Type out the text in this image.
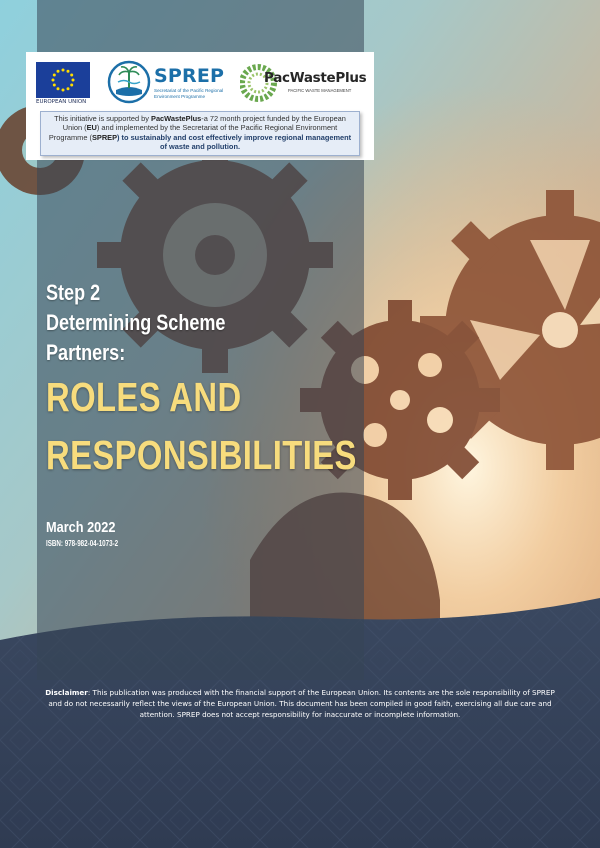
EUROPEAN UNION
SPREP
Secretariat of the Pacific Regional Environment Programme
PacWastePlus
PACIFIC WASTE MANAGEMENT
This initiative is supported by PacWastePlus-a 72 month project funded by the European Union (EU) and implemented by the Secretariat of the Pacific Regional Environment Programme (SPREP) to sustainably and cost effectively improve regional management of waste and pollution.
Step 2
Determining Scheme
Partners:
ROLES AND
RESPONSIBILITIES
March 2022
ISBN: 978-982-04-1073-2
Disclaimer: This publication was produced with the financial support of the European Union. Its contents are the sole responsibility of SPREP and do not necessarily reflect the views of the European Union. This document has been compiled in good faith, exercising all due care and attention. SPREP does not accept responsibility for inaccurate or incomplete information.
